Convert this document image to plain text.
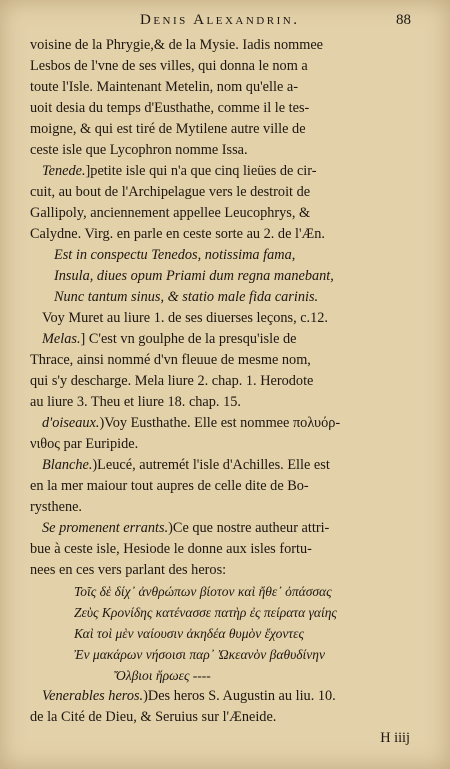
Denis Alexandrin.	88
voisine de la Phrygie,& de la Mysie. Iadis nommee
Lesbos de l'vne de ses villes, qui donna le nom a
toute l'Isle. Maintenant Metelin, nom qu'elle a-
uoit desia du temps d'Eusthathe, comme il le tes-
moigne, & qui est tiré de Mytilene autre ville de
ceste isle que Lycophron nomme Issa.
Tenede.]petite isle qui n'a que cinq lieües de cir-
cuit, au bout de l'Archipelague vers le destroit de
Gallipoly, anciennement appellee Leucophrys, &
Calydne. Virg. en parle en ceste sorte au 2. de l'Æn.
Est in conspectu Tenedos, notissima fama,
Insula, diues opum Priami dum regna manebant,
Nunc tantum sinus, & statio male fida carinis.
Voy Muret au liure 1. de ses diuerses leçons, c.12.
Melas.] C'est vn goulphe de la presqu'isle de
Thrace, ainsi nommé d'vn fleuue de mesme nom,
qui s'y descharge. Mela liure 2. chap. 1. Herodote
au liure 3. Theu et liure 18. chap. 15.
d'oiseaux.)Voy Eusthathe. Elle est nommee πολυόρ-
νιθος par Euripide.
Blanche.)Leucé, autremét l'isle d'Achilles. Elle est
en la mer maiour tout aupres de celle dite de Bo-
rysthene.
Se promenent errants.)Ce que nostre autheur attri-
bue à ceste isle, Hesiode le donne aux isles fortu-
nees en ces vers parlant des heros:
Τοῖς δὲ δίχ᾽ ἀνθρώπων βίοτον καὶ ἤθε᾽ ὀπάσσας
Ζεὺς Κρονίδης κατένασσε πατὴρ ἐς πείρατα γαίης
Καὶ τοὶ μὲν ναίουσιν ἀκηδέα θυμὸν ἔχοντες
Ἐν μακάρων νήσοισι παρ᾽ Ὠκεανὸν βαθυδίνην
Ὄλβιοι ἥρωες ----
Venerables heros.)Des heros S. Augustin au liu. 10.
de la Cité de Dieu, & Seruius sur l'Æneide.
H iiij
